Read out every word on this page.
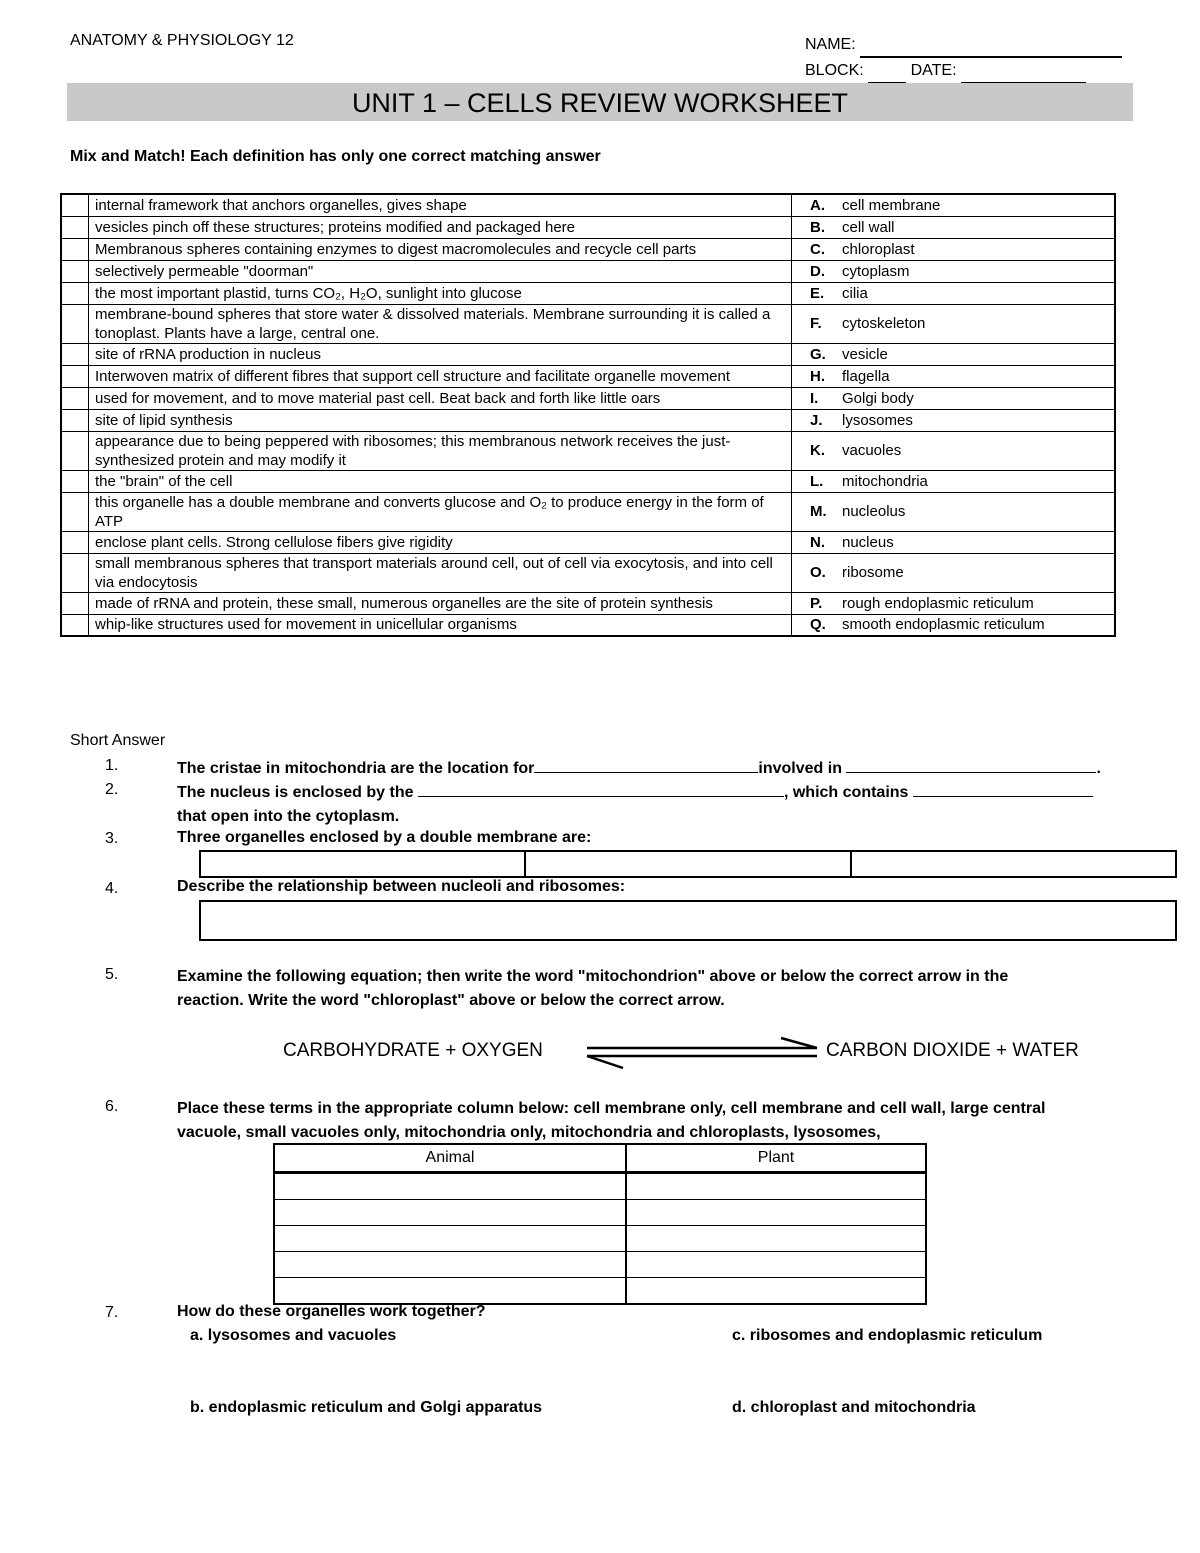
ANATOMY & PHYSIOLOGY 12	NAME:
BLOCK:	DATE:
UNIT 1 – CELLS REVIEW WORKSHEET
Mix and Match! Each definition has only one correct matching answer
	internal framework that anchors organelles, gives shape	A.	cell membrane
	vesicles pinch off these structures; proteins modified and packaged here	B.	cell wall
	Membranous spheres containing enzymes to digest macromolecules and recycle cell parts	C.	chloroplast
	selectively permeable "doorman"	D.	cytoplasm
	the most important plastid, turns CO₂, H₂O, sunlight into glucose	E.	cilia
	membrane-bound spheres that store water & dissolved materials. Membrane surrounding it is called a tonoplast. Plants have a large, central one.	F.	cytoskeleton
	site of rRNA production in nucleus	G.	vesicle
	Interwoven matrix of different fibres that support cell structure and facilitate organelle movement	H.	flagella
	used for movement, and to move material past cell. Beat back and forth like little oars	I.	Golgi body
	site of lipid synthesis	J.	lysosomes
	appearance due to being peppered with ribosomes; this membranous network receives the just-synthesized protein and may modify it	K.	vacuoles
	the "brain" of the cell	L.	mitochondria
	this organelle has a double membrane and converts glucose and O₂ to produce energy in the form of ATP	M.	nucleolus
	enclose plant cells. Strong cellulose fibers give rigidity	N.	nucleus
	small membranous spheres that transport materials around cell, out of cell via exocytosis, and into cell via endocytosis	O.	ribosome
	made of rRNA and protein, these small, numerous organelles are the site of protein synthesis	P.	rough endoplasmic reticulum
	whip-like structures used for movement in unicellular organisms	Q.	smooth endoplasmic reticulum
Short Answer
1.	The cristae in mitochondria are the location for	involved in	.
2.	The nucleus is enclosed by the	, which contains
that open into the cytoplasm.
3.	Three organelles enclosed by a double membrane are:
4.	Describe the relationship between nucleoli and ribosomes:
5.	Examine the following equation; then write the word "mitochondrion" above or below the correct arrow in the
reaction. Write the word "chloroplast" above or below the correct arrow.
CARBOHYDRATE + OXYGEN	CARBON DIOXIDE + WATER
6.	Place these terms in the appropriate column below: cell membrane only, cell membrane and cell wall, large central
vacuole, small vacuoles only, mitochondria only, mitochondria and chloroplasts, lysosomes,
Animal	Plant

7.	How do these organelles work together?
a. lysosomes and vacuoles	c. ribosomes and endoplasmic reticulum
b. endoplasmic reticulum and Golgi apparatus	d. chloroplast and mitochondria
